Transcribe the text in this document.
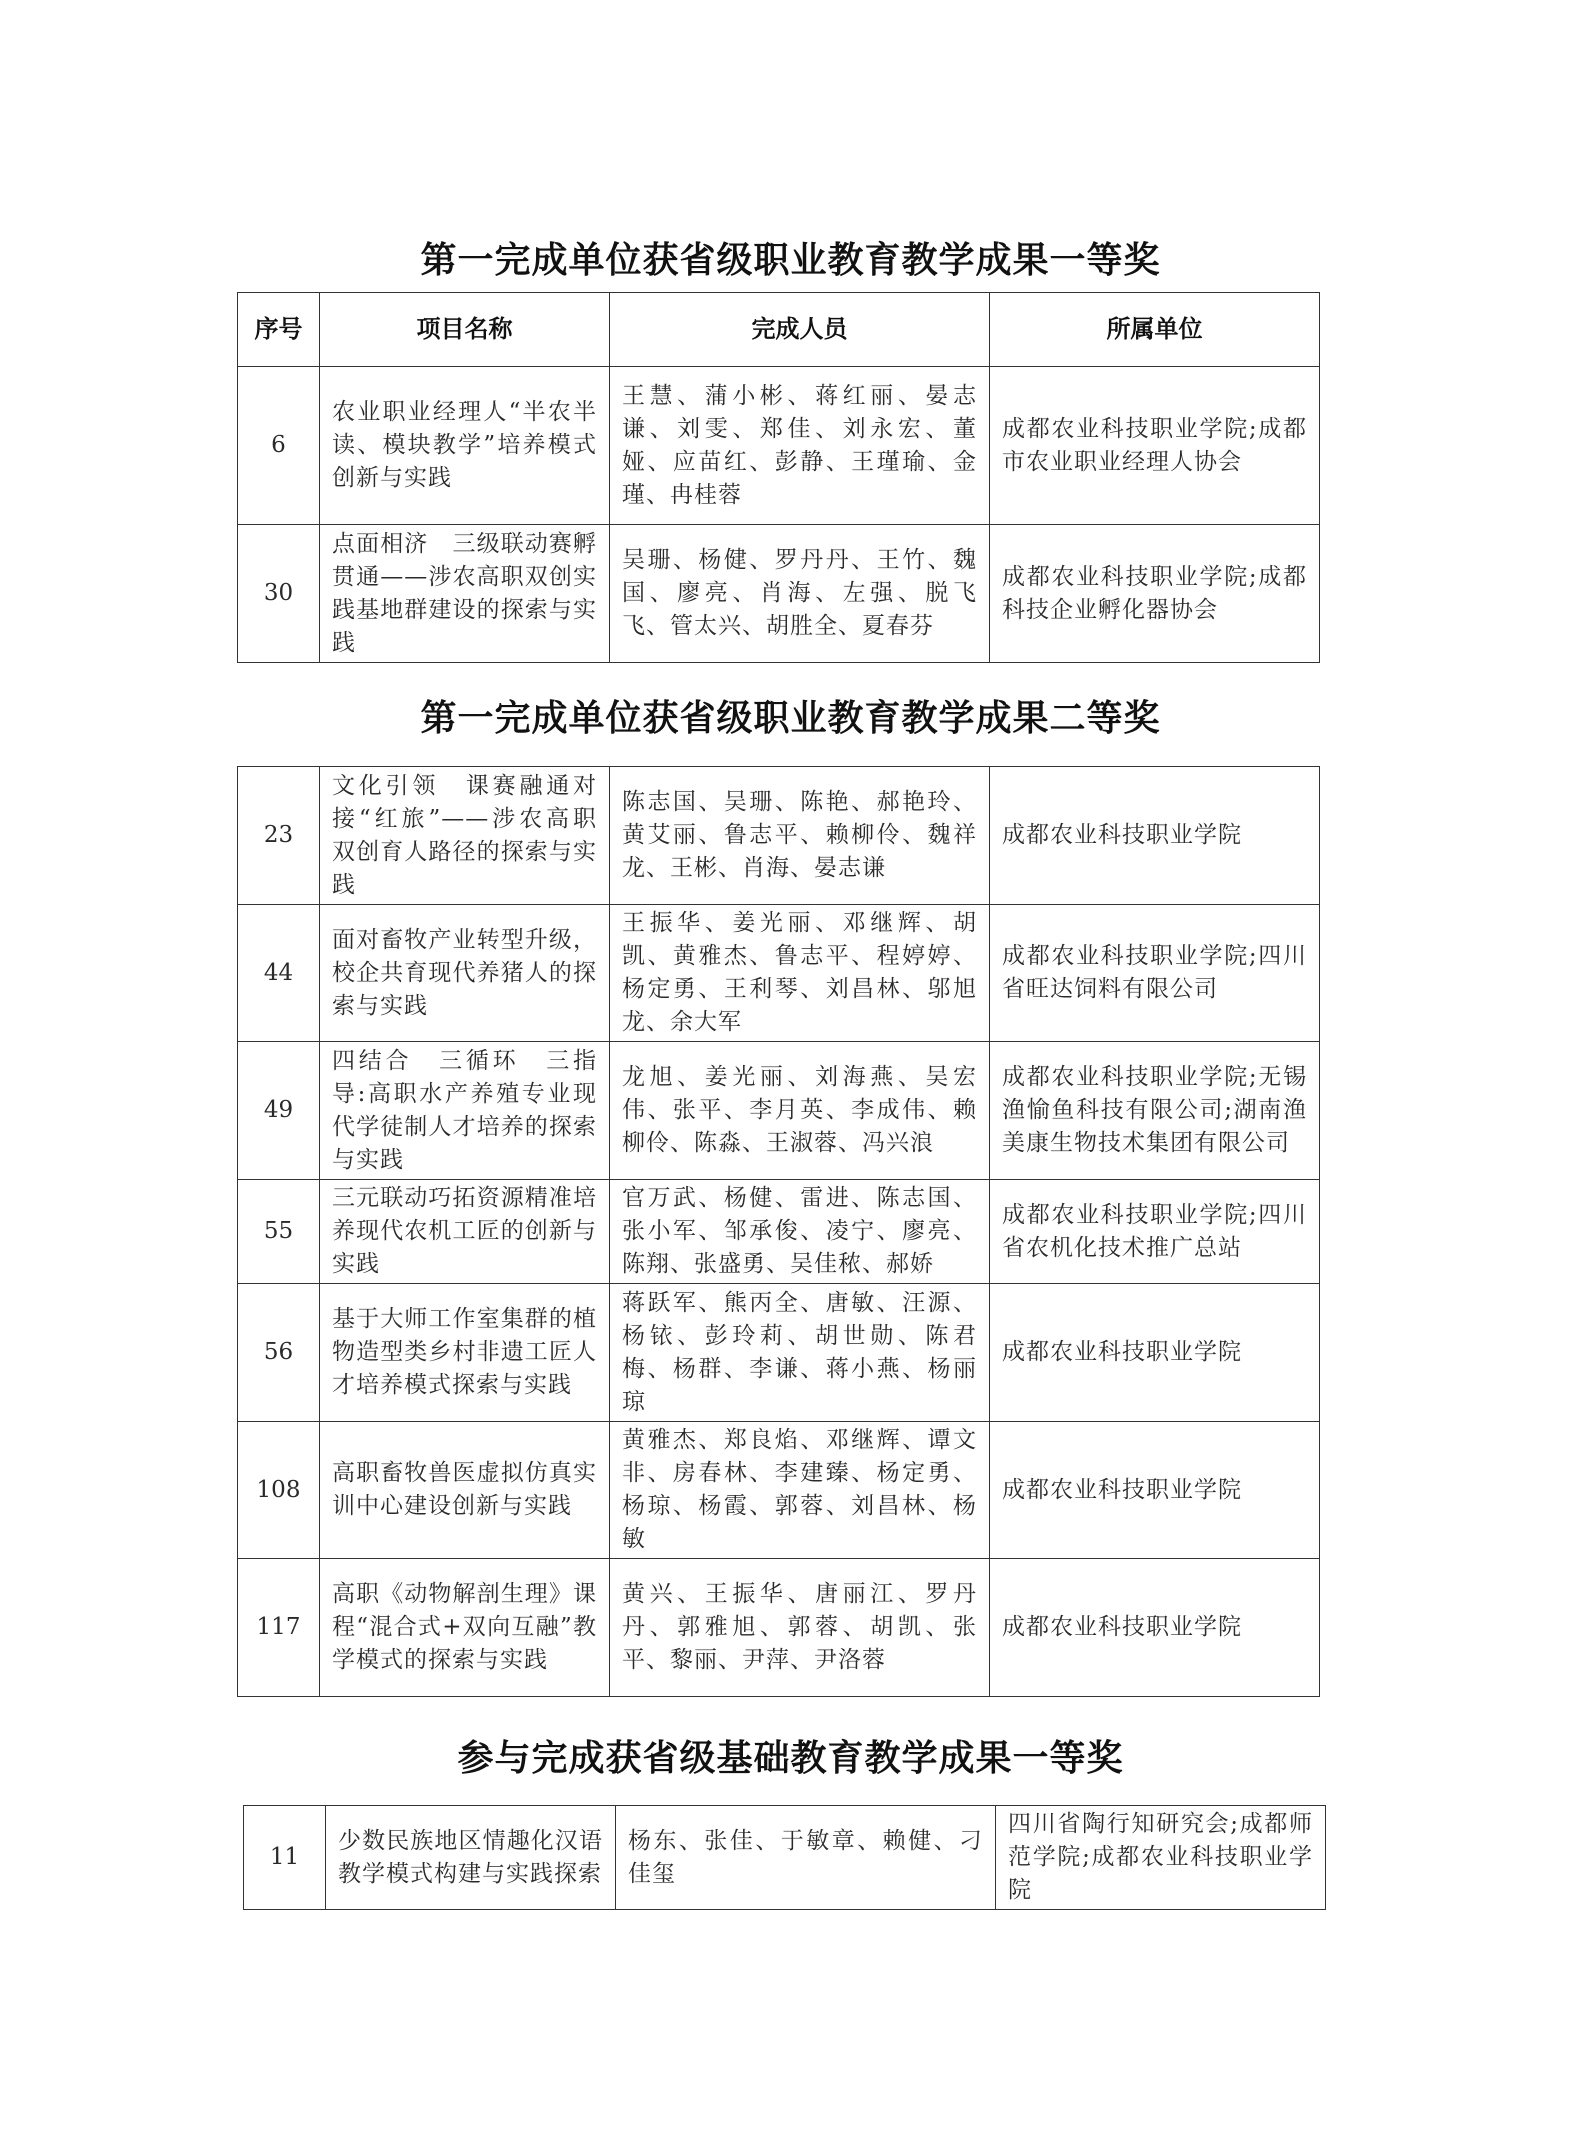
第一完成单位获省级职业教育教学成果一等奖
序号	项目名称	完成人员	所属单位
6	农业职业经理人“半农半读、模块教学”培养模式创新与实践	王慧、蒲小彬、蒋红丽、晏志谦、刘雯、郑佳、刘永宏、董娅、应苗红、彭静、王瑾瑜、金瑾、冉桂蓉	成都农业科技职业学院;成都市农业职业经理人协会
30	点面相济　三级联动赛孵贯通——涉农高职双创实践基地群建设的探索与实践	吴珊、杨健、罗丹丹、王竹、魏国、廖亮、肖海、左强、脱飞飞、管太兴、胡胜全、夏春芬	成都农业科技职业学院;成都科技企业孵化器协会
第一完成单位获省级职业教育教学成果二等奖
23	文化引领　课赛融通对接“红旅”——涉农高职双创育人路径的探索与实践	陈志国、吴珊、陈艳、郝艳玲、黄艾丽、鲁志平、赖柳伶、魏祥龙、王彬、肖海、晏志谦	成都农业科技职业学院
44	面对畜牧产业转型升级，校企共育现代养猪人的探索与实践	王振华、姜光丽、邓继辉、胡凯、黄雅杰、鲁志平、程婷婷、杨定勇、王利琴、刘昌林、邬旭龙、余大军	成都农业科技职业学院;四川省旺达饲料有限公司
49	四结合　三循环　三指导:高职水产养殖专业现代学徒制人才培养的探索与实践	龙旭、姜光丽、刘海燕、吴宏伟、张平、李月英、李成伟、赖柳伶、陈淼、王淑蓉、冯兴浪	成都农业科技职业学院;无锡渔愉鱼科技有限公司;湖南渔美康生物技术集团有限公司
55	三元联动巧拓资源精准培养现代农机工匠的创新与实践	官万武、杨健、雷进、陈志国、张小军、邹承俊、凌宁、廖亮、陈翔、张盛勇、吴佳秾、郝娇	成都农业科技职业学院;四川省农机化技术推广总站
56	基于大师工作室集群的植物造型类乡村非遗工匠人才培养模式探索与实践	蒋跃军、熊丙全、唐敏、汪源、杨铱、彭玲莉、胡世勋、陈君梅、杨群、李谦、蒋小燕、杨丽琼	成都农业科技职业学院
108	高职畜牧兽医虚拟仿真实训中心建设创新与实践	黄雅杰、郑良焰、邓继辉、谭文非、房春林、李建臻、杨定勇、杨琼、杨霞、郭蓉、刘昌林、杨敏	成都农业科技职业学院
117	高职《动物解剖生理》课程“混合式+双向互融”教学模式的探索与实践	黄兴、王振华、唐丽江、罗丹丹、郭雅旭、郭蓉、胡凯、张平、黎丽、尹萍、尹洛蓉	成都农业科技职业学院
参与完成获省级基础教育教学成果一等奖
11	少数民族地区情趣化汉语教学模式构建与实践探索	杨东、张佳、于敏章、赖健、刁佳玺	四川省陶行知研究会;成都师范学院;成都农业科技职业学院
